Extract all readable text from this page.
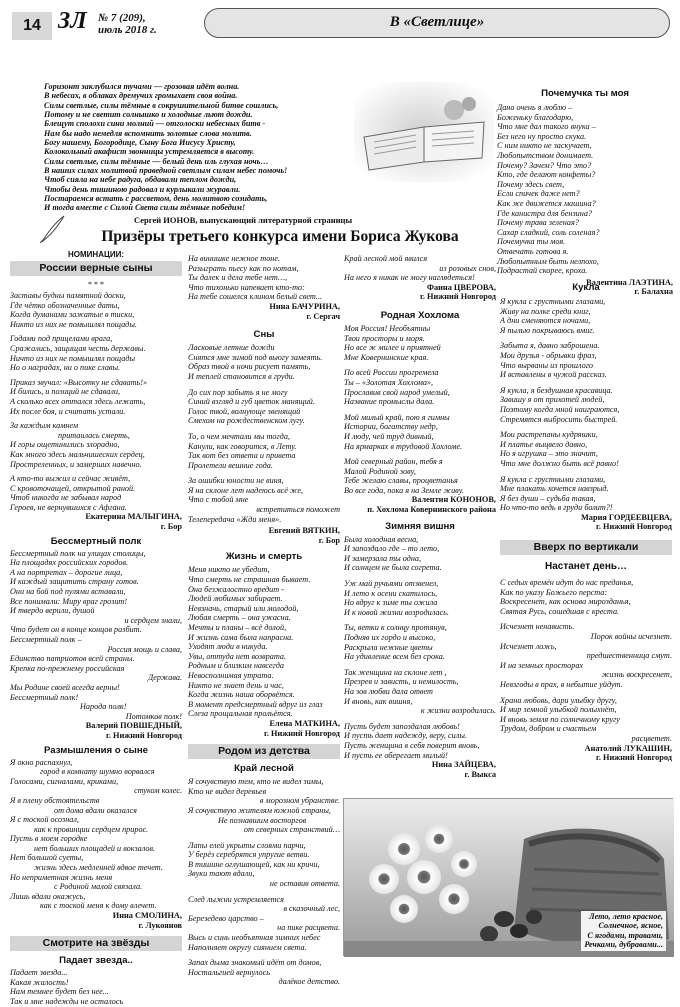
14 ЗЛ № 7 (209),
июль 2018 г.	В «Светлице»
Горизонт заклубился тучами — грозовая идёт волна.
В небесах, в облаках дремучих громыхает своя война.
Силы светлые, силы тёмные в сокрушительной битве сошлись,
Потому и не светит солнышко и холодные льют дожди.
Блещут сполохи сини молний — отголоски небесных битв -
Нам бы надо немедля вспомнить золотые слова молитв.
Богу нашему, Богородице, Сыну Бога Иисусу Христу,
Колокольный акафист звонницы устремляется в высоту.
Силы светлые, силы тёмные — белый день иль глухая ночь…
В наших силах молитвой праведной светлым силам небес помочь!
Чтоб сияла на небе радуга, обдавали теплом дожди,
Чтобы день тишиною радовал и курлыкали журавли.
Постараемся встать с рассветом, день молитвою созидать,
И тогда вместе с Силой Света силы тёмные победим!
Сергей ИОНОВ, выпускающий литературной страницы
Почемучка ты моя
Дано очень я люблю –
Боженьку благодарю,
Что мне дал такого внука –
Без него ну просто скука.
С ним никто не заскучает,
Любопытством донимает.
Почему? Зачем? Что это?
Кто, где делают конфеты?
Почему здесь свет,
Если спичек даже нет?
Как же движется машина?
Где канистра для бензина?
Почему трава зеленая?
Сахар сладкий, соль соленая?
Почемучка ты моя.
Отвечать готова я.
Любопытным быть нелпохо,
Подрастай скорее, кроха.
Валентина ЛАЭТИНА,
г. Балахна
Призёры третьего конкурса имени Бориса Жукова
НОМИНАЦИИ:
России верные сыны
* * *
Заставы будны памятной доски,
Где чётко обозначенные даты,
Когда думанами зажатые в тиски,
Никто из них не помышлял пощады.
Годами под прицелами врага,
Сражались, защищая честь державы.
Ничто из них не помышлял пощады
Но о наградах, ни о пике славы.
Приказ звучал: «Высотку не сдавать!»
И бились, и позиций не сдавали,
А сколько всех оттался здесь лежать,
Их после боя, и считать устали.
За каждым камнем
притаилась смерть,
И горы ощетинились злорадно,
Как много здесь мальчишеских сердец,
Простреленных, и замерших навечно.
А кто-то выжил и сейчас живёт,
С кровоточащей, открытой раной.
Чтоб никогда не забывал народ
Героев, не вернувшихся с Афгана.
Екатерина МАЛЫГИНА,
г. Бор
Бессмертный полк
Бессмертный полк на улицах столицы,
На площадях российских городов.
А на портретах – дорогие лица,
И каждый защитить страну готов.
Они на бой под пулями вставали,
Все понимали: Миру враг грозит!
И твердо верили, душой
и сердцем знали,
Что будет он в конце концов разбит.
Бессмертный полк –
Россия мощь и слава,
Единство патриотов всей страны.
Крепка по-прежнему российская
Держава.
Мы Родине своей всегда верны!
Бессмертный полк!
Народа полк!
Потомков полк!
Валерий ПОВШЕДНЫЙ,
г. Нижний Новгород
Размышления о сыне
Я окно распахнул,
город в комнату шумно ворвался
Голосами, сигналами, криками,
стуком колес.
Я в плену обстоятельств
от дома вдали оказался
Я с тоской осознал,
как к провинции сердцем прирос.
Пусть в моем городке
нет больших площадей и вокзалов.
Нет большой суеты,
жизнь здесь медленней вдвое течет.
Но неприметная жизнь меня
с Родиной малой связала.
Лишь вдали окажусь,
как с тоской меня к дому влечет.
Инна СМОЛИНА,
г. Лукоянов
Смотрите на звёзды
Падает звезда..
Падает звезда...
Какая жалость!
Нам темнее будет без нее...
Так и мне надежды не осталось
На винишке нежное тоне.
Разыграть пьесу как по нотам,
Ты далек и дела тебе нет…,
Что тихонько напевает кто-то:
На тебе сошелся клином белый свет...
Нина БАЧУРИНА,
г. Сергач
Сны
Ласковые летние дожди
Снятся мне зимой под вьюгу замеять.
Образ твой в ночи рисует память,
И теплей становится в груди.
До сих пор забыть я не могу
Синий взгляд и губ цветок манящий.
Голос твой, волнующе звенящий
Смехом на рождественском лугу.
То, о чем мечтали мы тогда,
Канули, как говорится, в Лету.
Так вот без ответа и привета
Пролетели вешние года.
За ошибки юности не виня,
Я на склоне лет надеюсь всё же,
Что с тобой мне
встретиться поможет
Телепередача «Жди меня».
Евгений ВЯТКИН,
г. Бор
Жизнь и смерть
Меня никто не убедит,
Что смерть не страшная бывает.
Она безжалостно вредит -
Людей любимых забирает.
Невзначь, старый или молодой,
Любая смерть – она ужасна.
Мечты и планы – всё долой,
И жизнь сама была напрасна.
Уходят люди в никуда.
Увы, оттуда нет возврата.
Родным и близким навсегда
Невосполнимая утрата.
Никто не знает день и час,
Когда жизнь наша оборвётся.
В момент предсмертный вдруг из глаз
Слеза прощальная прольётся.
Елена МАТКИНА,
г. Нижний Новгород
Родом из детства
Край лесной
Я сочувствую тем, кто не видел зимы,
Кто не видел деревьев
в морозном убранстве.
Я сочувствую жителям южной страны,
Не познавшим восторгов
от северных странствий…
Лапы елей укрыты слоями парчи,
У берёз серебрятся упругие ветви.
В тишине оглушающей, как ни кричи,
Звуки тают вдали,
не оставив ответа.
След лыжни устремляется
в сказочный лес,
Березедево царство –
на пике расцвета.
Высь и синь необъятная зимних небес
Наполняет округу сиянием света.
Запах дыма знакомый идёт от домов,
Ностальгией вернулось
далёкое детство.
Край лесной мой явился
из розовых снов,
На него я никак не могу наглядеться!
Фаина ЦВЕРОВА,
г. Нижний Новгород
Родная Хохлома
Моя Россия! Необъятны
Твои просторы и моря.
Но все ж милее и приятней
Мне Ковернинские края.
По всей России прогремела
Ты – «Золотая Хохлома»,
Прославив свой народ умелый,
Название промыслы дала.
Мой милый край, пою я гимны
Истории, богатству недр,
И люду, чей труд дивный,
На ярмарках в трудовой Хохломе.
Мой северный район, тебя я
Малой Родиной зову,
Тебе желаю славы, процветанья
Во все года, пока я на Земле живу.
Валентин КОНОНОВ,
п. Хохлома Ковернинского района
Зимняя вишня
Была холодная весна,
И запоздало где – то лето,
И замерзала ты одна,
И солнцем не была согрета.
Уж май ручьями отзвенел,
И лето к осени скатилось,
Но вдруг к зиме ты ожила
И к новой жизни возродилась.
Ты, ветки к солнцу протянув,
Подняв их гордо и высоко,
Раскрыла нежные цветы
На удивление всем без срока.
Так женщина на склоне лет ,
Презрев и зависть, и немилость,
На зов любви дала ответ
И вновь, как вишня,
к жизни возродилась.
Пусть будет запоздалая любовь!
И пусть дает надежду, веру, силы.
Пусть женщина в себя поверит вновь,
И пусть ее оберегает милый!
Нина ЗАЙЦЕВА,
г. Выкса
Кукла
Я кукла с грустными глазами,
Живу на полке среди книг,
А дни сменяются ночами,
Я пылью покрываюсь вмиг.
Забыта я, давно заброшена.
Мои друзья - обрывки фраз,
Что вырваны из прошлого
И вставлены в чужой рассказ.
Я кукла, я бездушная красавица.
Завишу я от прихотей людей,
Поэтому когда мной наиграются,
Стремятся выбросить быстрей.
Мои растрепаны кудряшки,
И платье выцвело давно,
Но я игрушка – это значит,
Что мне должно быть всё равно!
Я кукла с грустными глазами,
Мне плакать хочется навзрыд.
Я без души – судьба такая,
Но что-то ведь в груди болит?!
Мария ГОРДЕЕВЦЕВА,
г. Нижний Новгород
Вверх по вертикали
Настанет день…
С седых времён идут до нас преданья,
Как по указу Божьего перста:
Воскресенет, как основа мирозданья,
Святая Русь, сошедшая с креста.
Исчезнет ненависть.
Порок войны исчезнет.
Исчезнет ложь,
предшественница смут.
И на земных просторах
жизнь воскресенет,
Невзгоды в прах, в небытие уйдут.
Храни любовь, дари улыбку другу,
И мир земной улыбкой полыхнёт,
И вновь земля по солнечному кругу
Трудом, добром и счастьем
расцветет.
Анатолий ЛУКАШИН,
г. Нижний Новгород
Лето, лето красное,
Солнечное, ясное,
С ягодами, травами,
Речками, дубравами...
